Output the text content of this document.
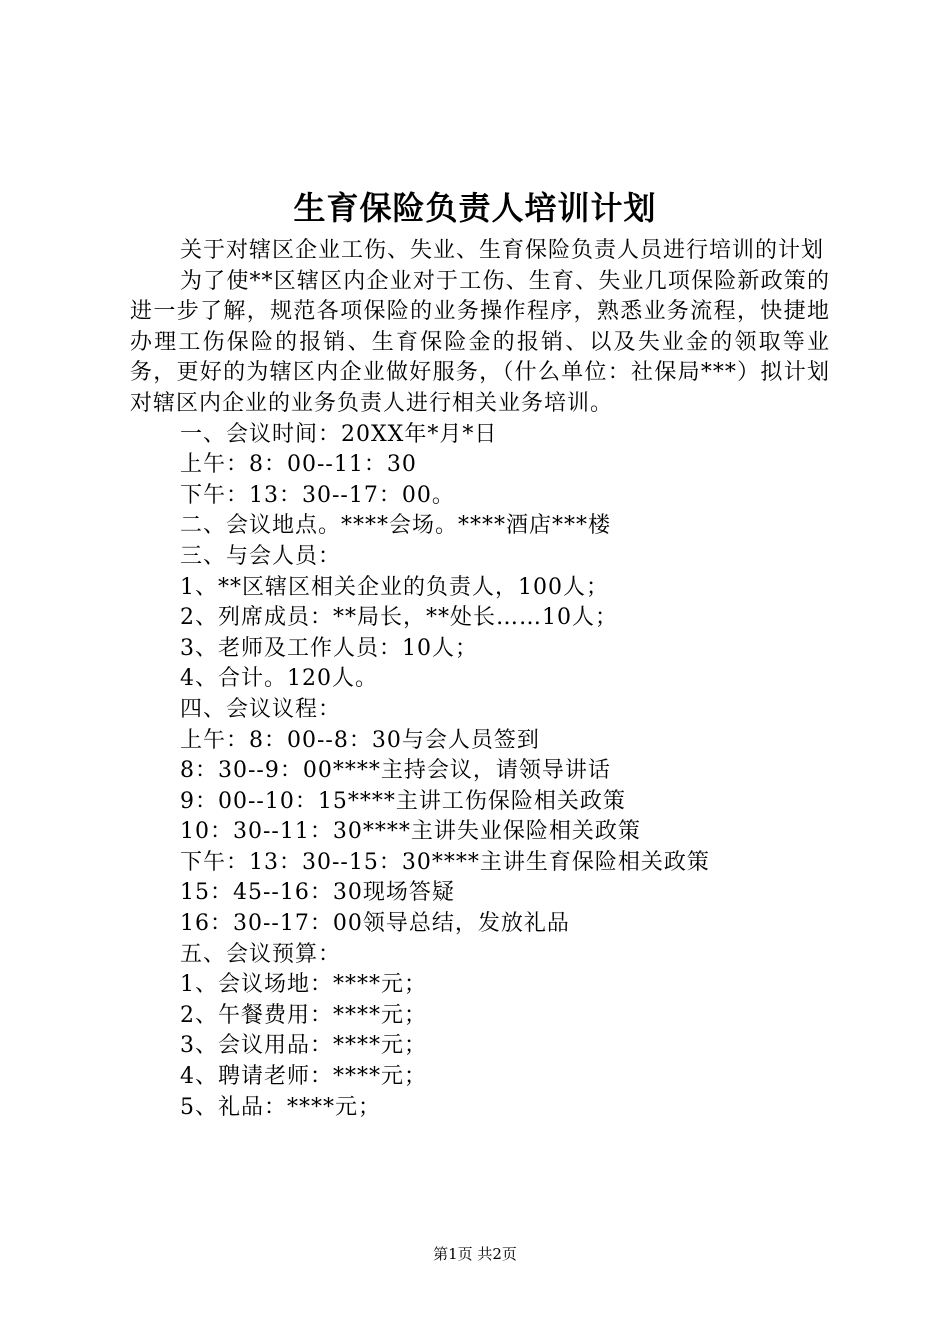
生育保险负责人培训计划

关于对辖区企业工伤、失业、生育保险负责人员进行培训的计划

为了使**区辖区内企业对于工伤、生育、失业几项保险新政策的进一步了解，规范各项保险的业务操作程序，熟悉业务流程，快捷地办理工伤保险的报销、生育保险金的报销、以及失业金的领取等业务，更好的为辖区内企业做好服务，（什么单位：社保局***）拟计划对辖区内企业的业务负责人进行相关业务培训。

一、会议时间：20XX年*月*日

上午：8：00--11：30

下午：13：30--17：00。

二、会议地点。****会场。****酒店***楼

三、与会人员：

1、**区辖区相关企业的负责人，100人；

2、列席成员：**局长，**处长……10人；

3、老师及工作人员：10人；

4、合计。120人。

四、会议议程：

上午：8：00--8：30与会人员签到

8：30--9：00****主持会议，请领导讲话

9：00--10：15****主讲工伤保险相关政策

10：30--11：30****主讲失业保险相关政策

下午：13：30--15：30****主讲生育保险相关政策

15：45--16：30现场答疑

16：30--17：00领导总结，发放礼品

五、会议预算：

1、会议场地：****元；

2、午餐费用：****元；

3、会议用品：****元；

4、聘请老师：****元；

5、礼品：****元；

第1页 共2页
